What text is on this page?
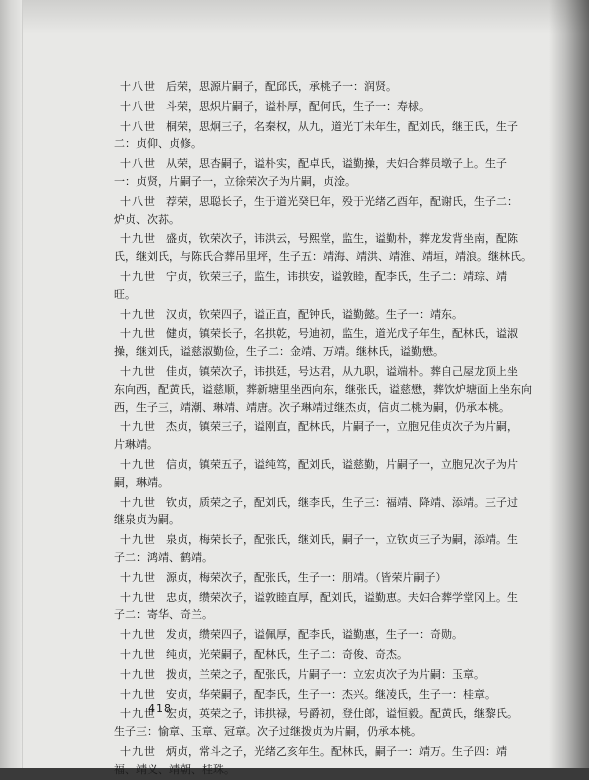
十八世 后荣，思源片嗣子，配邱氏，承桃子一：润贤。
十八世 斗荣，思炽片嗣子，谥朴厚，配何氏，生子一：寿梂。
十八世 桐荣，思炯三子，名秦权，从九，道光丁未年生，配刘氏，继王氏，生子
二：贞仰、贞修。
十八世 从荣，思杏嗣子，谥朴实，配卓氏，谥勤操，夫妇合葬员墩子上。生子
一：贞贤，片嗣子一，立徐荣次子为片嗣，贞淦。
十八世 荐荣，思聪长子，生于道光癸巳年，殁于光绪乙酉年，配谢氏，生子二：
炉贞、次荪。
十九世 盛贞，钦荣次子，讳洪云，号熙堂，监生，谥勤朴，葬龙发背坐南，配陈
氏，继刘氏，与陈氏合葬吊里坪，生子五：靖海、靖洪、靖淮、靖垣，靖浪。继林氏。
十九世 宁贞，钦荣三子，监生，讳拱安，谥敦睦，配李氏，生子二：靖琮、靖
旺。
十九世 汉贞，钦荣四子，谥正直，配钟氏，谥勤懿。生子一：靖东。
十九世 健贞，镇荣长子，名拱乾，号迪初，监生，道光戊子年生，配林氏，谥淑
操，继刘氏，谥慈淑勤俭，生子二：金靖、万靖。继林氏，谥勤懋。
十九世 佳贞，镇荣次子，讳拱廷，号达君，从九职，谥端朴。葬自己屋龙顶上坐
东向西，配黄氏，谥慈顺，葬新塘里坐西向东，继张氏，谥慈懋，葬饮炉塘面上坐东向
西，生子三，靖潮、琳靖、靖唐。次子琳靖过继杰贞，信贞二桃为嗣，仍承本桃。
十九世 杰贞，镇荣三子，谥刚直，配林氏，片嗣子一，立胞兄佳贞次子为片嗣，
片琳靖。
十九世 信贞，镇荣五子，谥纯笃，配刘氏，谥慈勤，片嗣子一，立胞兄次子为片
嗣，琳靖。
十九世 钦贞，质荣之子，配刘氏，继李氏，生子三：福靖、降靖、添靖。三子过
继泉贞为嗣。
十九世 泉贞，梅荣长子，配张氏，继刘氏，嗣子一，立钦贞三子为嗣，添靖。生
子二：鸿靖、鹤靖。
十九世 源贞，梅荣次子，配张氏，生子一：朋靖。（皆荣片嗣子）
十九世 忠贞，缵荣次子，谥敦睦直厚，配刘氏，谥勤恵。夫妇合葬学堂冈上。生
子二：寄华、奇兰。
十九世 发贞，缵荣四子，谥佩厚，配李氏，谥勤惠，生子一：奇勋。
十九世 纯贞，光荣嗣子，配林氏，生子二：奇俊、奇杰。
十九世 拨贞，兰荣之子，配张氏，片嗣子一：立宏贞次子为片嗣：玉章。
十九世 安贞，华荣嗣子，配李氏，生子一：杰兴。继凌氏，生子一：桂章。
十九世 宏贞，英荣之子，讳拱禄，号爵初，登仕郎，谥恒毅。配黄氏，继黎氏。
生子三：愉章、玉章、冠章。次子过继拨贞为片嗣，仍承本桃。
十九世 炳贞，常斗之子，光绪乙亥年生。配林氏，嗣子一：靖万。生子四：靖
福、靖义、靖朝、桂珠。
418
